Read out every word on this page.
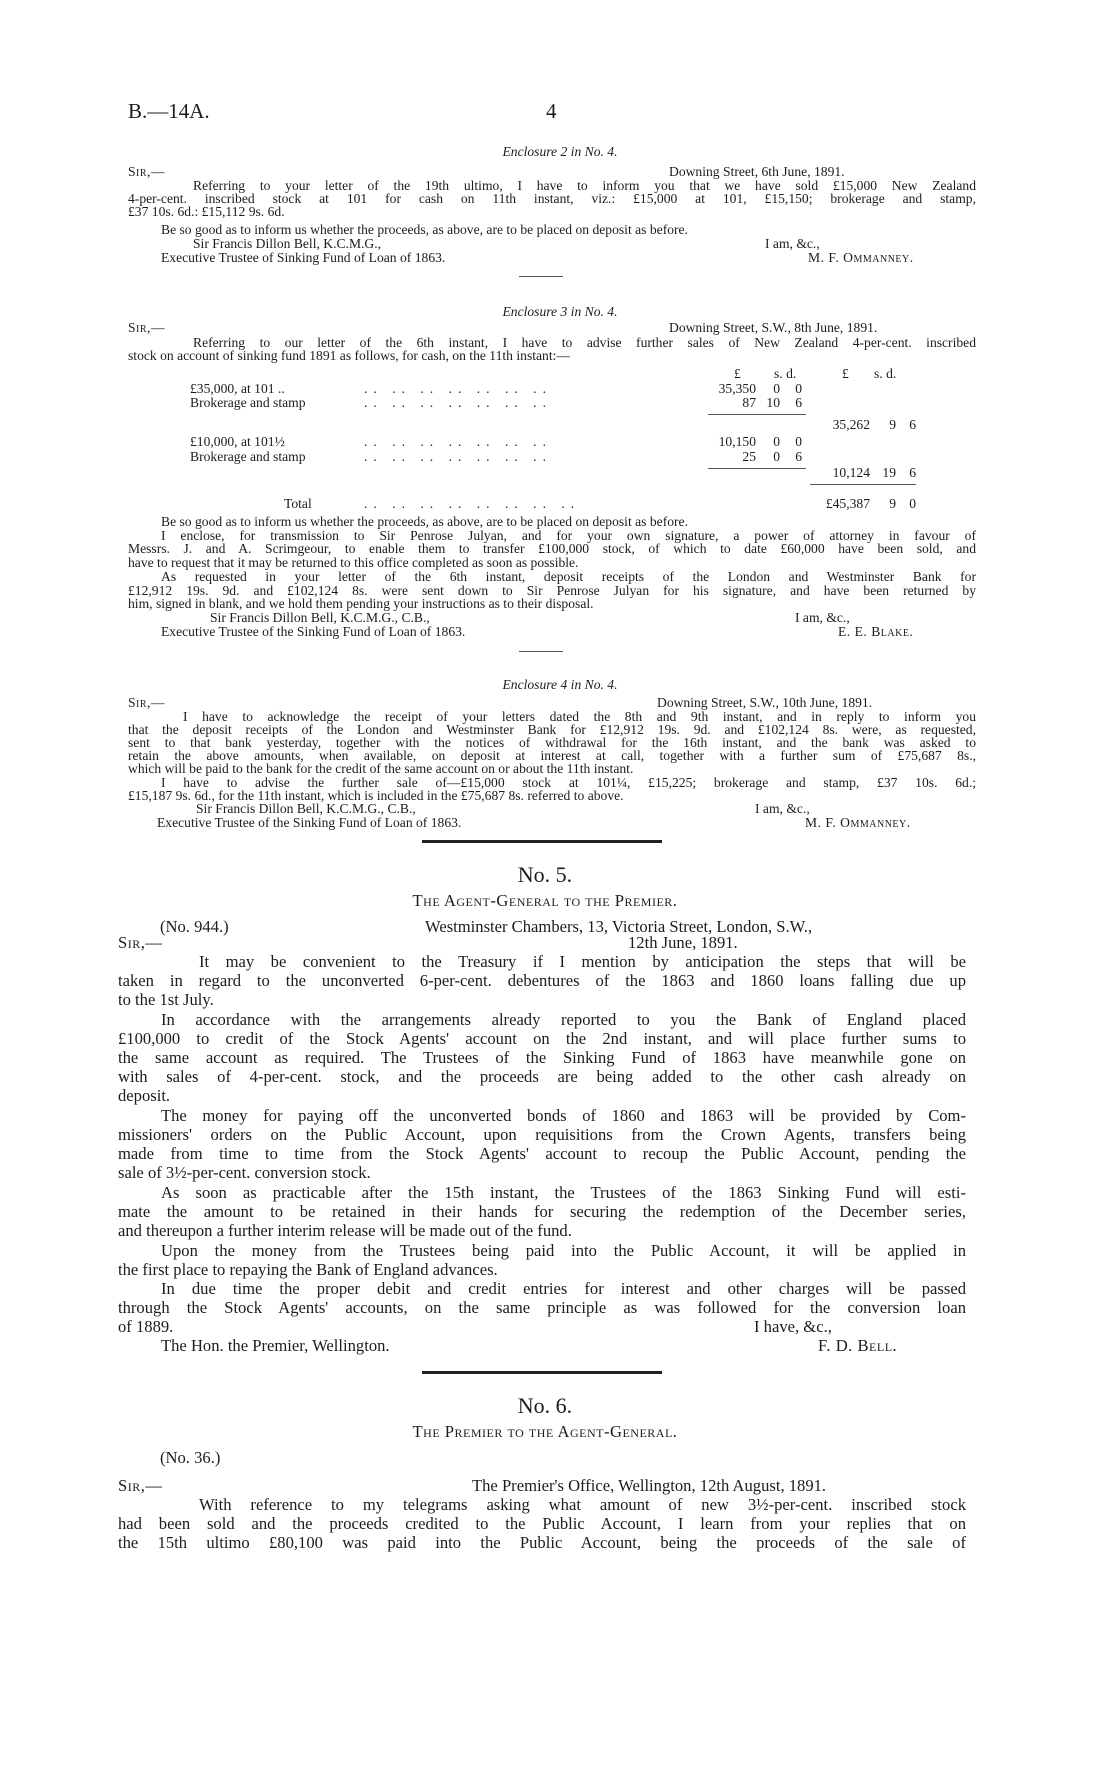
B.—14A.	4
Enclosure 2 in No. 4.
Sir,—	Downing Street, 6th June, 1891.
Referring to your letter of the 19th ultimo, I have to inform you that we have sold £15,000 New Zealand
4-per-cent. inscribed stock at 101 for cash on 11th instant, viz.: £15,000 at 101, £15,150; brokerage and stamp,
£37 10s. 6d.: £15,112 9s. 6d.
Be so good as to inform us whether the proceeds, as above, are to be placed on deposit as before.
Sir Francis Dillon Bell, K.C.M.G.,	I am, &c.,
Executive Trustee of Sinking Fund of Loan of 1863.	M. F. Ommanney.
Enclosure 3 in No. 4.
Sir,—	Downing Street, S.W., 8th June, 1891.
Referring to our letter of the 6th instant, I have to advise further sales of New Zealand 4-per-cent. inscribed
stock on account of sinking fund 1891 as follows, for cash, on the 11th instant:—
£ s. d.	£ s. d.
£35,000, at 101 ..	.. .. .. .. .. .. ..	35,350	0	0
Brokerage and stamp	.. .. .. .. .. .. ..	87 10	6
35,262	9 6
£10,000, at 101½	.. .. .. .. .. .. ..	10,150	0	0
Brokerage and stamp	.. .. .. .. .. .. ..	25	0	6
10,124 19 6
Total	.. .. .. .. .. .. .. ..	£45,387	9 0
Be so good as to inform us whether the proceeds, as above, are to be placed on deposit as before.
I enclose, for transmission to Sir Penrose Julyan, and for your own signature, a power of attorney in favour of
Messrs. J. and A. Scrimgeour, to enable them to transfer £100,000 stock, of which to date £60,000 have been sold, and
have to request that it may be returned to this office completed as soon as possible.
As requested in your letter of the 6th instant, deposit receipts of the London and Westminster Bank for
£12,912 19s. 9d. and £102,124 8s. were sent down to Sir Penrose Julyan for his signature, and have been returned by
him, signed in blank, and we hold them pending your instructions as to their disposal.
Sir Francis Dillon Bell, K.C.M.G., C.B.,	I am, &c.,
Executive Trustee of the Sinking Fund of Loan of 1863.	E. E. Blake.
Enclosure 4 in No. 4.
Sir,—	Downing Street, S.W., 10th June, 1891.
I have to acknowledge the receipt of your letters dated the 8th and 9th instant, and in reply to inform you
that the deposit receipts of the London and Westminster Bank for £12,912 19s. 9d. and £102,124 8s. were, as requested,
sent to that bank yesterday, together with the notices of withdrawal for the 16th instant, and the bank was asked to
retain the above amounts, when available, on deposit at interest at call, together with a further sum of £75,687 8s.,
which will be paid to the bank for the credit of the same account on or about the 11th instant.
I have to advise the further sale of—£15,000 stock at 101¼, £15,225; brokerage and stamp, £37 10s. 6d.;
£15,187 9s. 6d., for the 11th instant, which is included in the £75,687 8s. referred to above.
Sir Francis Dillon Bell, K.C.M.G., C.B.,	I am, &c.,
Executive Trustee of the Sinking Fund of Loan of 1863.	M. F. Ommanney.
No. 5.
The Agent-General to the Premier.
(No. 944.)	Westminster Chambers, 13, Victoria Street, London, S.W.,
Sir,—	12th June, 1891.
It may be convenient to the Treasury if I mention by anticipation the steps that will be
taken in regard to the unconverted 6-per-cent. debentures of the 1863 and 1860 loans falling due up
to the 1st July.
In accordance with the arrangements already reported to you the Bank of England placed
£100,000 to credit of the Stock Agents' account on the 2nd instant, and will place further sums to
the same account as required. The Trustees of the Sinking Fund of 1863 have meanwhile gone on
with sales of 4-per-cent. stock, and the proceeds are being added to the other cash already on
deposit.
The money for paying off the unconverted bonds of 1860 and 1863 will be provided by Com-
missioners' orders on the Public Account, upon requisitions from the Crown Agents, transfers being
made from time to time from the Stock Agents' account to recoup the Public Account, pending the
sale of 3½-per-cent. conversion stock.
As soon as practicable after the 15th instant, the Trustees of the 1863 Sinking Fund will esti-
mate the amount to be retained in their hands for securing the redemption of the December series,
and thereupon a further interim release will be made out of the fund.
Upon the money from the Trustees being paid into the Public Account, it will be applied in
the first place to repaying the Bank of England advances.
In due time the proper debit and credit entries for interest and other charges will be passed
through the Stock Agents' accounts, on the same principle as was followed for the conversion loan
of 1889.	I have, &c.,
The Hon. the Premier, Wellington.	F. D. Bell.
No. 6.
The Premier to the Agent-General.
(No. 36.)
Sir,—	The Premier's Office, Wellington, 12th August, 1891.
With reference to my telegrams asking what amount of new 3½-per-cent. inscribed stock
had been sold and the proceeds credited to the Public Account, I learn from your replies that on
the 15th ultimo £80,100 was paid into the Public Account, being the proceeds of the sale of
